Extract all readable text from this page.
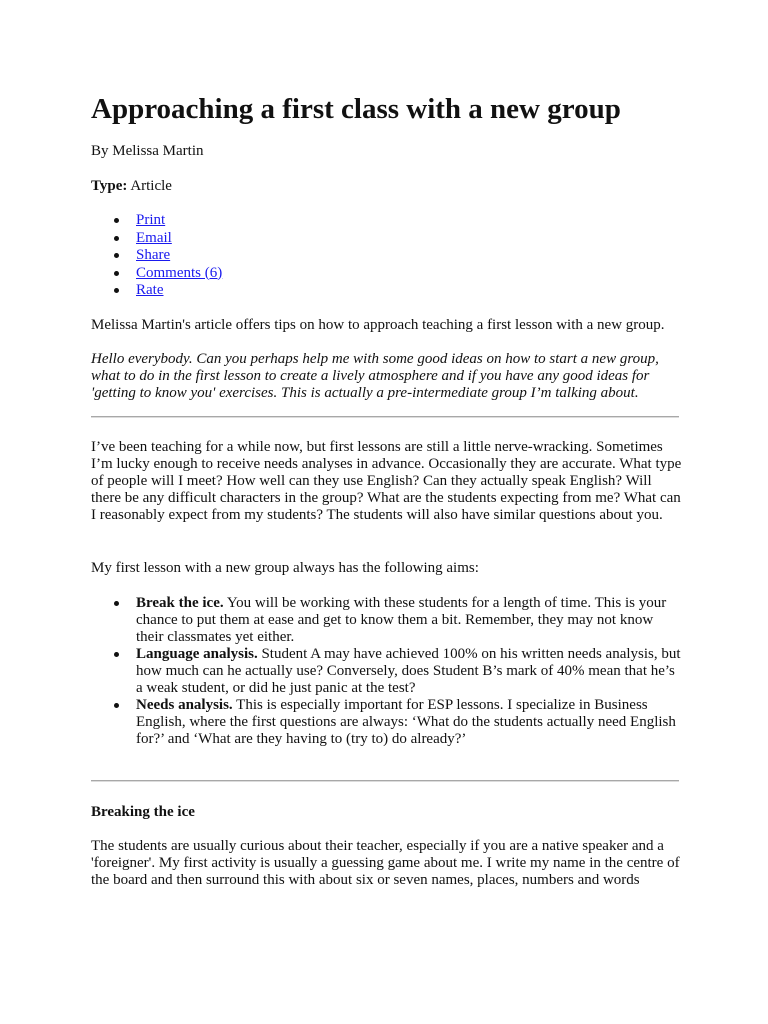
Approaching a first class with a new group

By Melissa Martin

Type: Article

Print
Email
Share
Comments (6)
Rate

Melissa Martin's article offers tips on how to approach teaching a first lesson with a new group.

Hello everybody. Can you perhaps help me with some good ideas on how to start a new group, what to do in the first lesson to create a lively atmosphere and if you have any good ideas for 'getting to know you' exercises. This is actually a pre-intermediate group I’m talking about.

I’ve been teaching for a while now, but first lessons are still a little nerve-wracking. Sometimes I’m lucky enough to receive needs analyses in advance. Occasionally they are accurate. What type of people will I meet? How well can they use English? Can they actually speak English? Will there be any difficult characters in the group? What are the students expecting from me? What can I reasonably expect from my students? The students will also have similar questions about you.

My first lesson with a new group always has the following aims:

Break the ice. You will be working with these students for a length of time. This is your chance to put them at ease and get to know them a bit. Remember, they may not know their classmates yet either.
Language analysis. Student A may have achieved 100% on his written needs analysis, but how much can he actually use? Conversely, does Student B’s mark of 40% mean that he’s a weak student, or did he just panic at the test?
Needs analysis. This is especially important for ESP lessons. I specialize in Business English, where the first questions are always: ‘What do the students actually need English for?’ and ‘What are they having to (try to) do already?’

Breaking the ice

The students are usually curious about their teacher, especially if you are a native speaker and a 'foreigner'. My first activity is usually a guessing game about me. I write my name in the centre of the board and then surround this with about six or seven names, places, numbers and words
